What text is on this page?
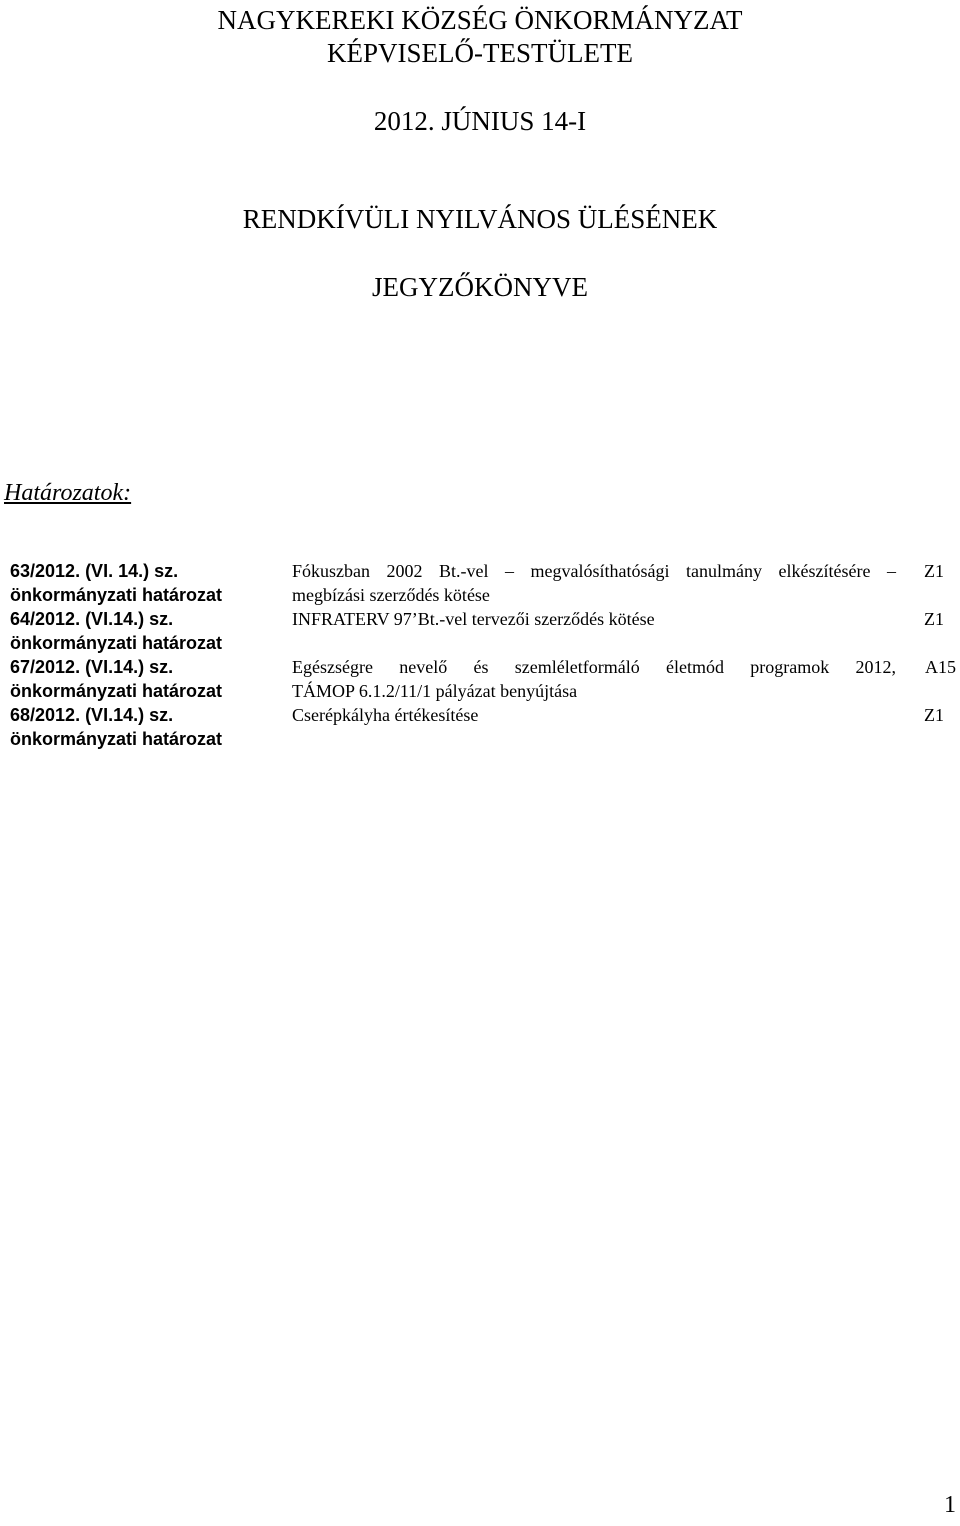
NAGYKEREKI KÖZSÉG ÖNKORMÁNYZAT
KÉPVISELŐ-TESTÜLETE
2012. JÚNIUS 14-I
RENDKÍVÜLI NYILVÁNOS ÜLÉSÉNEK
JEGYZŐKÖNYVE
Határozatok:
63/2012. (VI. 14.) sz.
önkormányzati határozat
Fókuszban 2002 Bt.-vel – megvalósíthatósági tanulmány elkészítésére –
megbízási szerződés kötése
Z1
64/2012. (VI.14.) sz.
önkormányzati határozat
INFRATERV 97’Bt.-vel tervezői szerződés kötése	Z1
67/2012. (VI.14.) sz.
önkormányzati határozat
Egészségre nevelő és szemléletformáló életmód programok 2012,
TÁMOP 6.1.2/11/1 pályázat benyújtása
A15
68/2012. (VI.14.) sz.
önkormányzati határozat
Cserépkályha értékesítése	Z1
1
